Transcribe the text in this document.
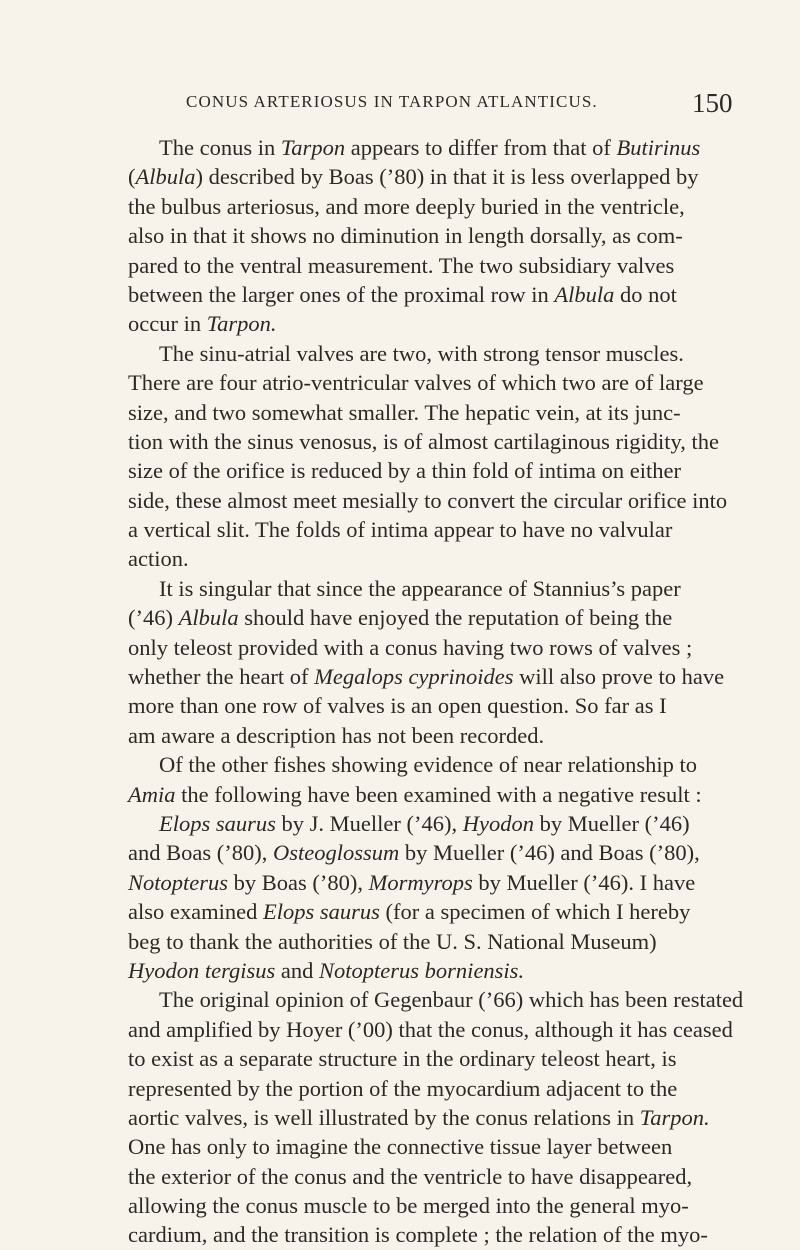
CONUS ARTERIOSUS IN TARPON ATLANTICUS.	150
The conus in Tarpon appears to differ from that of Butirinus
(Albula) described by Boas (’80) in that it is less overlapped by
the bulbus arteriosus, and more deeply buried in the ventricle,
also in that it shows no diminution in length dorsally, as com-
pared to the ventral measurement. The two subsidiary valves
between the larger ones of the proximal row in Albula do not
occur in Tarpon.
The sinu-atrial valves are two, with strong tensor muscles.
There are four atrio-ventricular valves of which two are of large
size, and two somewhat smaller. The hepatic vein, at its junc-
tion with the sinus venosus, is of almost cartilaginous rigidity, the
size of the orifice is reduced by a thin fold of intima on either
side, these almost meet mesially to convert the circular orifice into
a vertical slit. The folds of intima appear to have no valvular
action.
It is singular that since the appearance of Stannius’s paper
(’46) Albula should have enjoyed the reputation of being the
only teleost provided with a conus having two rows of valves ;
whether the heart of Megalops cyprinoides will also prove to have
more than one row of valves is an open question. So far as I
am aware a description has not been recorded.
Of the other fishes showing evidence of near relationship to
Amia the following have been examined with a negative result :
Elops saurus by J. Mueller (’46), Hyodon by Mueller (’46)
and Boas (’80), Osteoglossum by Mueller (’46) and Boas (’80),
Notopterus by Boas (’80), Mormyrops by Mueller (’46). I have
also examined Elops saurus (for a specimen of which I hereby
beg to thank the authorities of the U. S. National Museum)
Hyodon tergisus and Notopterus borniensis.
The original opinion of Gegenbaur (’66) which has been restated
and amplified by Hoyer (’00) that the conus, although it has ceased
to exist as a separate structure in the ordinary teleost heart, is
represented by the portion of the myocardium adjacent to the
aortic valves, is well illustrated by the conus relations in Tarpon.
One has only to imagine the connective tissue layer between
the exterior of the conus and the ventricle to have disappeared,
allowing the conus muscle to be merged into the general myo-
cardium, and the transition is complete ; the relation of the myo-
